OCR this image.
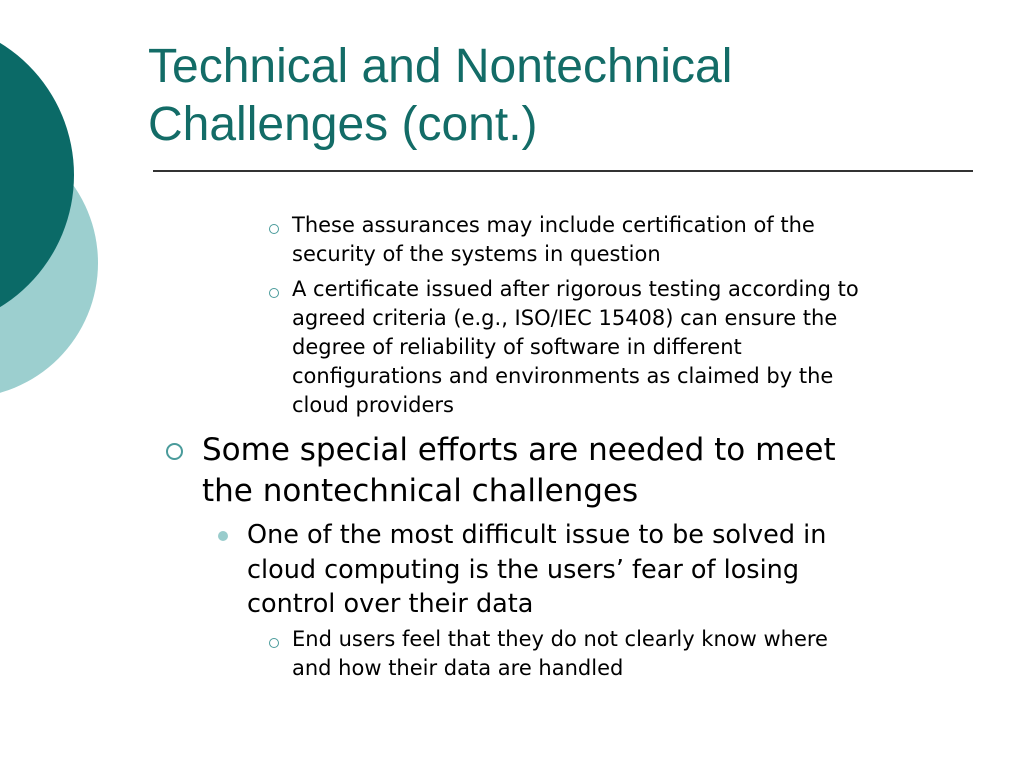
Technical and Nontechnical
Challenges (cont.)
These assurances may include certification of the
security of the systems in question
A certificate issued after rigorous testing according to
agreed criteria (e.g., ISO/IEC 15408) can ensure the
degree of reliability of software in different
configurations and environments as claimed by the
cloud providers
Some special efforts are needed to meet
the nontechnical challenges
One of the most difficult issue to be solved in
cloud computing is the users’ fear of losing
control over their data
End users feel that they do not clearly know where
and how their data are handled
